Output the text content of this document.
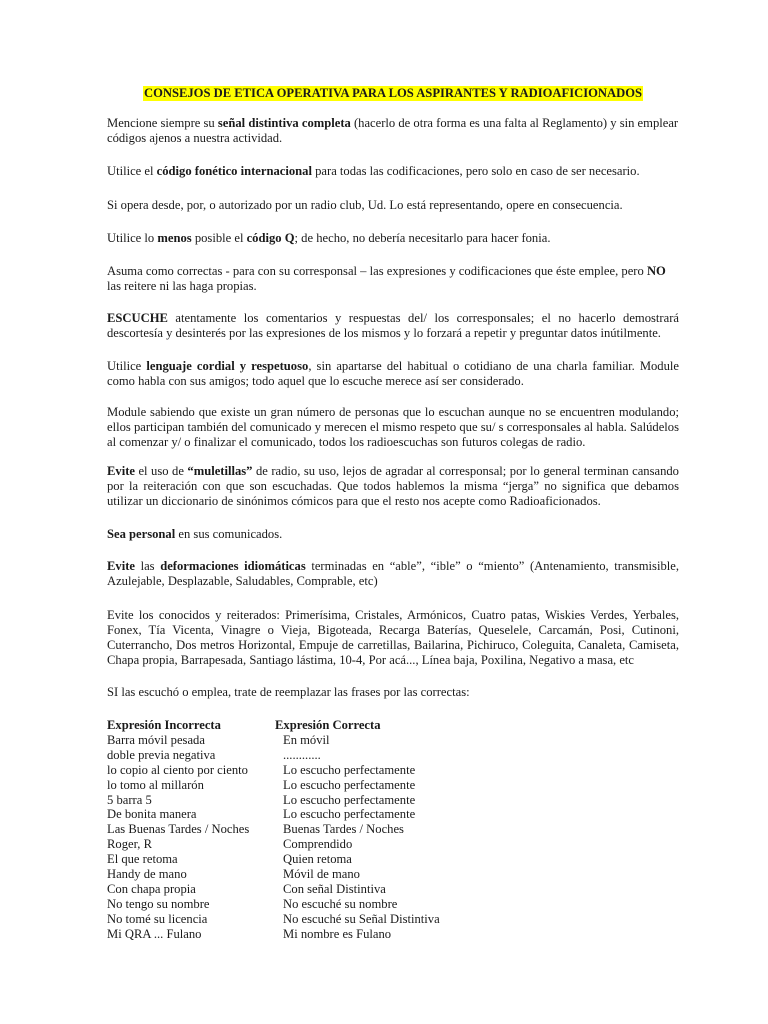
CONSEJOS DE ETICA OPERATIVA PARA LOS ASPIRANTES Y RADIOAFICIONADOS

Mencione siempre su señal distintiva completa (hacerlo de otra forma es una falta al Reglamento) y sin emplear códigos ajenos a nuestra actividad.

Utilice el código fonético internacional para todas las codificaciones, pero solo en caso de ser necesario.

Si opera desde, por, o autorizado por un radio club, Ud. Lo está representando, opere en consecuencia.

Utilice lo menos posible el código Q; de hecho, no debería necesitarlo para hacer fonia.

Asuma como correctas - para con su corresponsal – las expresiones y codificaciones que éste emplee, pero NO las reitere ni las haga propias.

ESCUCHE atentamente los comentarios y respuestas del/ los corresponsales; el no hacerlo demostrará descortesía y desinterés por las expresiones de los mismos y lo forzará a repetir y preguntar datos inútilmente.

Utilice lenguaje cordial y respetuoso, sin apartarse del habitual o cotidiano de una charla familiar. Module como habla con sus amigos; todo aquel que lo escuche merece así ser considerado.

Module sabiendo que existe un gran número de personas que lo escuchan aunque no se encuentren modulando; ellos participan también del comunicado y merecen el mismo respeto que su/ s corresponsales al habla. Salúdelos al comenzar y/ o finalizar el comunicado, todos los radioescuchas son futuros colegas de radio.

Evite el uso de “muletillas” de radio, su uso, lejos de agradar al corresponsal; por lo general terminan cansando por la reiteración con que son escuchadas. Que todos hablemos la misma “jerga” no significa que debamos utilizar un diccionario de sinónimos cómicos para que el resto nos acepte como Radioaficionados.

Sea personal en sus comunicados.

Evite las deformaciones idiomáticas terminadas en “able”, “ible” o “miento” (Antenamiento, transmisible, Azulejable, Desplazable, Saludables, Comprable, etc)

Evite los conocidos y reiterados: Primerísima, Cristales, Armónicos, Cuatro patas, Wiskies Verdes, Yerbales, Fonex, Tía Vicenta, Vinagre o Vieja, Bigoteada, Recarga Baterías, Queselele, Carcamán, Posi, Cutinoni, Cuterrancho, Dos metros Horizontal, Empuje de carretillas, Bailarina, Pichiruco, Coleguita, Canaleta, Camiseta, Chapa propia, Barrapesada, Santiago lástima, 10-4, Por acá..., Línea baja, Poxilina, Negativo a masa, etc

SI las escuchó o emplea, trate de reemplazar las frases por las correctas:

Expresión Incorrecta	Expresión Correcta
Barra móvil pesada	En móvil
doble previa negativa	............
lo copio al ciento por ciento	Lo escucho perfectamente
lo tomo al millarón	Lo escucho perfectamente
5 barra 5	Lo escucho perfectamente
De bonita manera	Lo escucho perfectamente
Las Buenas Tardes / Noches	Buenas Tardes / Noches
Roger, R	Comprendido
El que retoma	Quien retoma
Handy de mano	Móvil de mano
Con chapa propia	Con señal Distintiva
No tengo su nombre	No escuché su nombre
No tomé su licencia	No escuché su Señal Distintiva
Mi QRA ... Fulano	Mi nombre es Fulano
